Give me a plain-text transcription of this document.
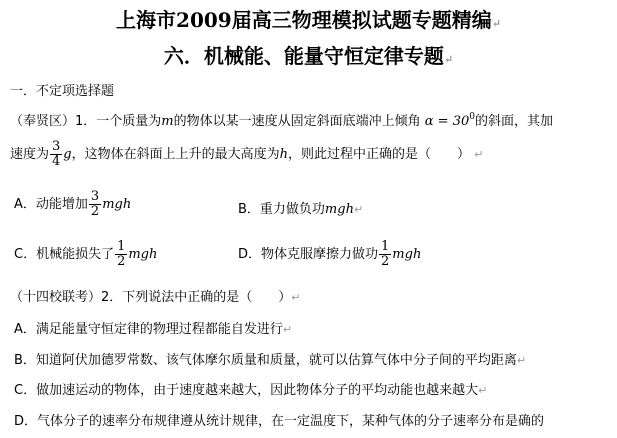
上海市2009届高三物理模拟试题专题精编↵
六．机械能、能量守恒定律专题↵
一．不定项选择题
（奉贤区）1．一个质量为m的物体以某一速度从固定斜面底端冲上倾角 $\alpha = 30^0$的斜面，其加
速度为 $\frac{3}{4}$ g，这物体在斜面上上升的最大高度为h，则此过程中正确的是（　　） ↵
A．动能增加 $\frac{3}{2}$ mgh	B．重力做负功mgh↵
C．机械能损失了 $\frac{1}{2}$ mgh	D．物体克服摩擦力做功 $\frac{1}{2}$ mgh
（十四校联考）2．下列说法中正确的是（　　）↵
A．满足能量守恒定律的物理过程都能自发进行↵
B．知道阿伏加德罗常数、该气体摩尔质量和质量，就可以估算气体中分子间的平均距离↵
C．做加速运动的物体，由于速度越来越大，因此物体分子的平均动能也越来越大↵
D．气体分子的速率分布规律遵从统计规律，在一定温度下，某种气体的分子速率分布是确的
